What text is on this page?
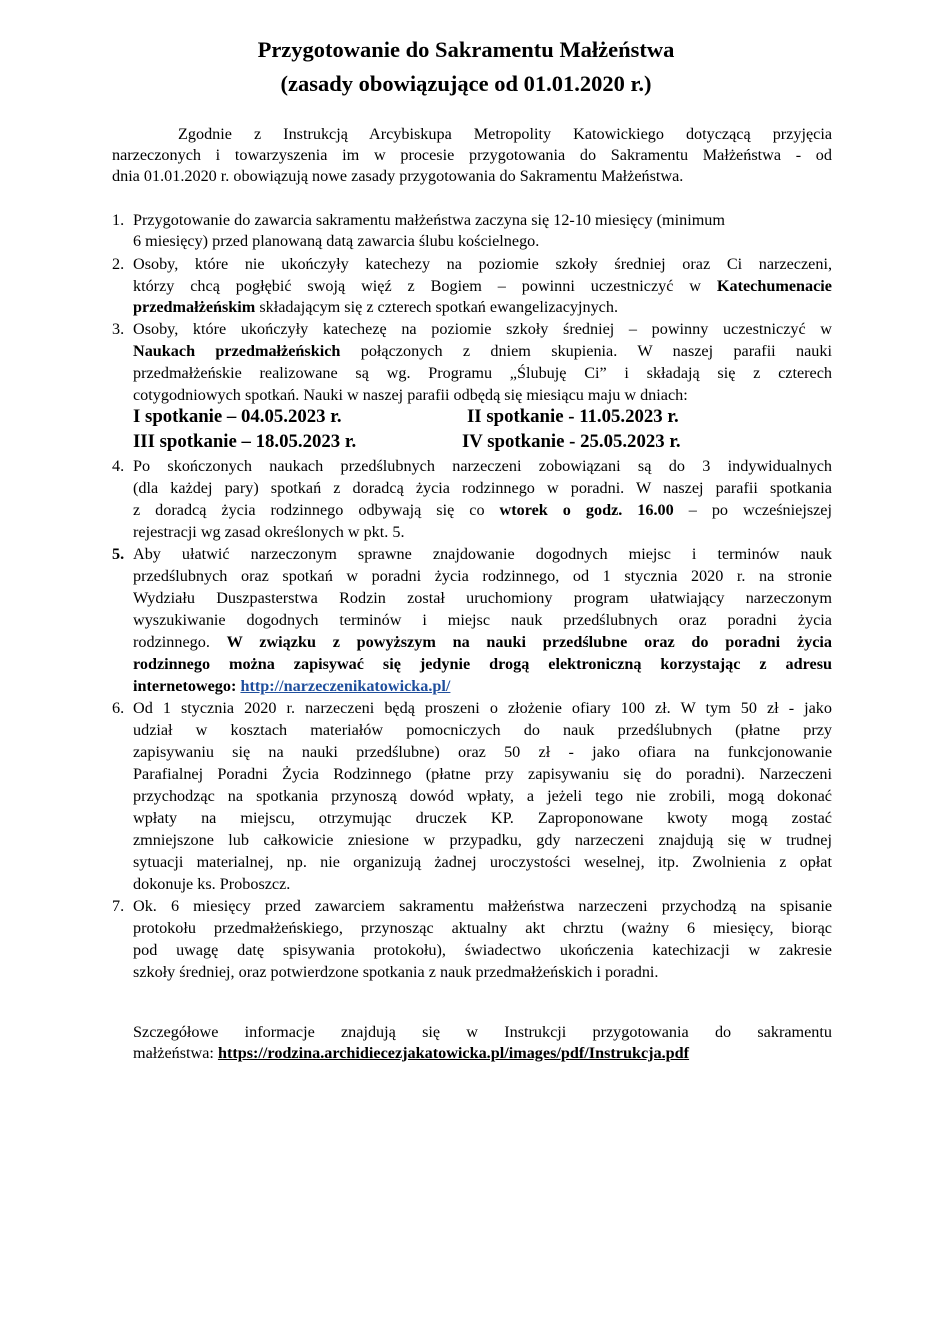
Przygotowanie do Sakramentu Małżeństwa
(zasady obowiązujące od 01.01.2020 r.)
Zgodnie z Instrukcją Arcybiskupa Metropolity Katowickiego dotyczącą przyjęcia
narzeczonych i towarzyszenia im w procesie przygotowania do Sakramentu Małżeństwa - od
dnia 01.01.2020 r. obowiązują nowe zasady przygotowania do Sakramentu Małżeństwa.
1. Przygotowanie do zawarcia sakramentu małżeństwa zaczyna się 12-10 miesięcy (minimum
6 miesięcy) przed planowaną datą zawarcia ślubu kościelnego.
2. Osoby, które nie ukończyły katechezy na poziomie szkoły średniej oraz Ci narzeczeni,
którzy chcą pogłębić swoją więź z Bogiem – powinni uczestniczyć w Katechumenacie
przedmałżeńskim składającym się z czterech spotkań ewangelizacyjnych.
3. Osoby, które ukończyły katechezę na poziomie szkoły średniej – powinny uczestniczyć w
Naukach przedmałżeńskich połączonych z dniem skupienia. W naszej parafii nauki
przedmałżeńskie realizowane są wg. Programu „Ślubuję Ci” i składają się z czterech
cotygodniowych spotkań. Nauki w naszej parafii odbędą się miesiącu maju w dniach:
I spotkanie – 04.05.2023 r.	II spotkanie - 11.05.2023 r.
III spotkanie – 18.05.2023 r.	IV spotkanie - 25.05.2023 r.
4. Po skończonych naukach przedślubnych narzeczeni zobowiązani są do 3 indywidualnych
(dla każdej pary) spotkań z doradcą życia rodzinnego w poradni. W naszej parafii spotkania
z doradcą życia rodzinnego odbywają się co wtorek o godz. 16.00 – po wcześniejszej
rejestracji wg zasad określonych w pkt. 5.
5. Aby ułatwić narzeczonym sprawne znajdowanie dogodnych miejsc i terminów nauk
przedślubnych oraz spotkań w poradni życia rodzinnego, od 1 stycznia 2020 r. na stronie
Wydziału Duszpasterstwa Rodzin został uruchomiony program ułatwiający narzeczonym
wyszukiwanie dogodnych terminów i miejsc nauk przedślubnych oraz poradni życia
rodzinnego. W związku z powyższym na nauki przedślubne oraz do poradni życia
rodzinnego można zapisywać się jedynie drogą elektroniczną korzystając z adresu
internetowego: http://narzeczenikatowicka.pl/
6. Od 1 stycznia 2020 r. narzeczeni będą proszeni o złożenie ofiary 100 zł. W tym 50 zł - jako
udział w kosztach materiałów pomocniczych do nauk przedślubnych (płatne przy
zapisywaniu się na nauki przedślubne) oraz 50 zł - jako ofiara na funkcjonowanie
Parafialnej Poradni Życia Rodzinnego (płatne przy zapisywaniu się do poradni). Narzeczeni
przychodząc na spotkania przynoszą dowód wpłaty, a jeżeli tego nie zrobili, mogą dokonać
wpłaty na miejscu, otrzymując druczek KP. Zaproponowane kwoty mogą zostać
zmniejszone lub całkowicie zniesione w przypadku, gdy narzeczeni znajdują się w trudnej
sytuacji materialnej, np. nie organizują żadnej uroczystości weselnej, itp. Zwolnienia z opłat
dokonuje ks. Proboszcz.
7. Ok. 6 miesięcy przed zawarciem sakramentu małżeństwa narzeczeni przychodzą na spisanie
protokołu przedmałżeńskiego, przynosząc aktualny akt chrztu (ważny 6 miesięcy, biorąc
pod uwagę datę spisywania protokołu), świadectwo ukończenia katechizacji w zakresie
szkoły średniej, oraz potwierdzone spotkania z nauk przedmałżeńskich i poradni.
Szczegółowe informacje znajdują się w Instrukcji przygotowania do sakramentu
małżeństwa: https://rodzina.archidiecezjakatowicka.pl/images/pdf/Instrukcja.pdf
